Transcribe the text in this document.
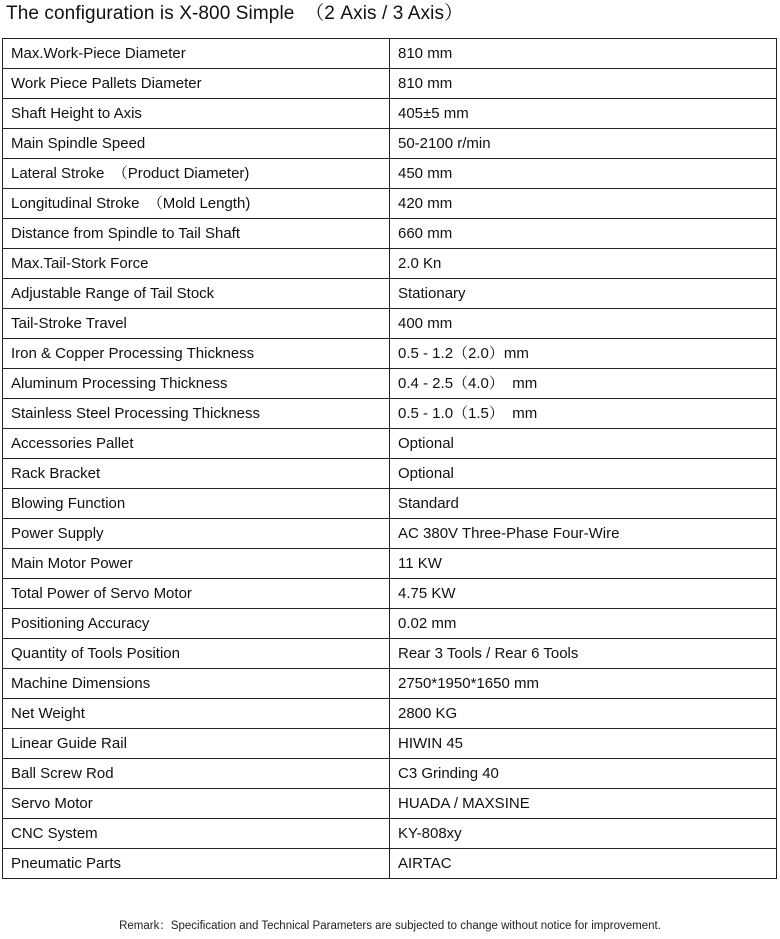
The configuration is X-800 Simple  （2 Axis / 3 Axis）
Max.Work-Piece Diameter	810 mm
Work Piece Pallets Diameter	810 mm
Shaft Height to Axis	405±5 mm
Main Spindle Speed	50-2100 r/min
Lateral Stroke  （Product Diameter)	450 mm
Longitudinal Stroke  （Mold Length)	420 mm
Distance from Spindle to Tail Shaft	660 mm
Max.Tail-Stork Force	2.0 Kn
Adjustable Range of Tail Stock	Stationary
Tail-Stroke Travel	400 mm
Iron & Copper Processing Thickness	0.5 - 1.2（2.0）mm
Aluminum Processing Thickness	0.4 - 2.5（4.0）  mm
Stainless Steel Processing Thickness	0.5 - 1.0（1.5）  mm
Accessories Pallet	Optional
Rack Bracket	Optional
Blowing Function	Standard
Power Supply	AC 380V Three-Phase Four-Wire
Main Motor Power	11 KW
Total Power of Servo Motor	4.75 KW
Positioning Accuracy	0.02 mm
Quantity of Tools Position	Rear 3 Tools / Rear 6 Tools
Machine Dimensions	2750*1950*1650 mm
Net Weight	2800 KG
Linear Guide Rail	HIWIN 45
Ball Screw Rod	C3 Grinding 40
Servo Motor	HUADA / MAXSINE
CNC System	KY-808xy
Pneumatic Parts	AIRTAC
Remark：Specification and Technical Parameters are subjected to change without notice for improvement.
